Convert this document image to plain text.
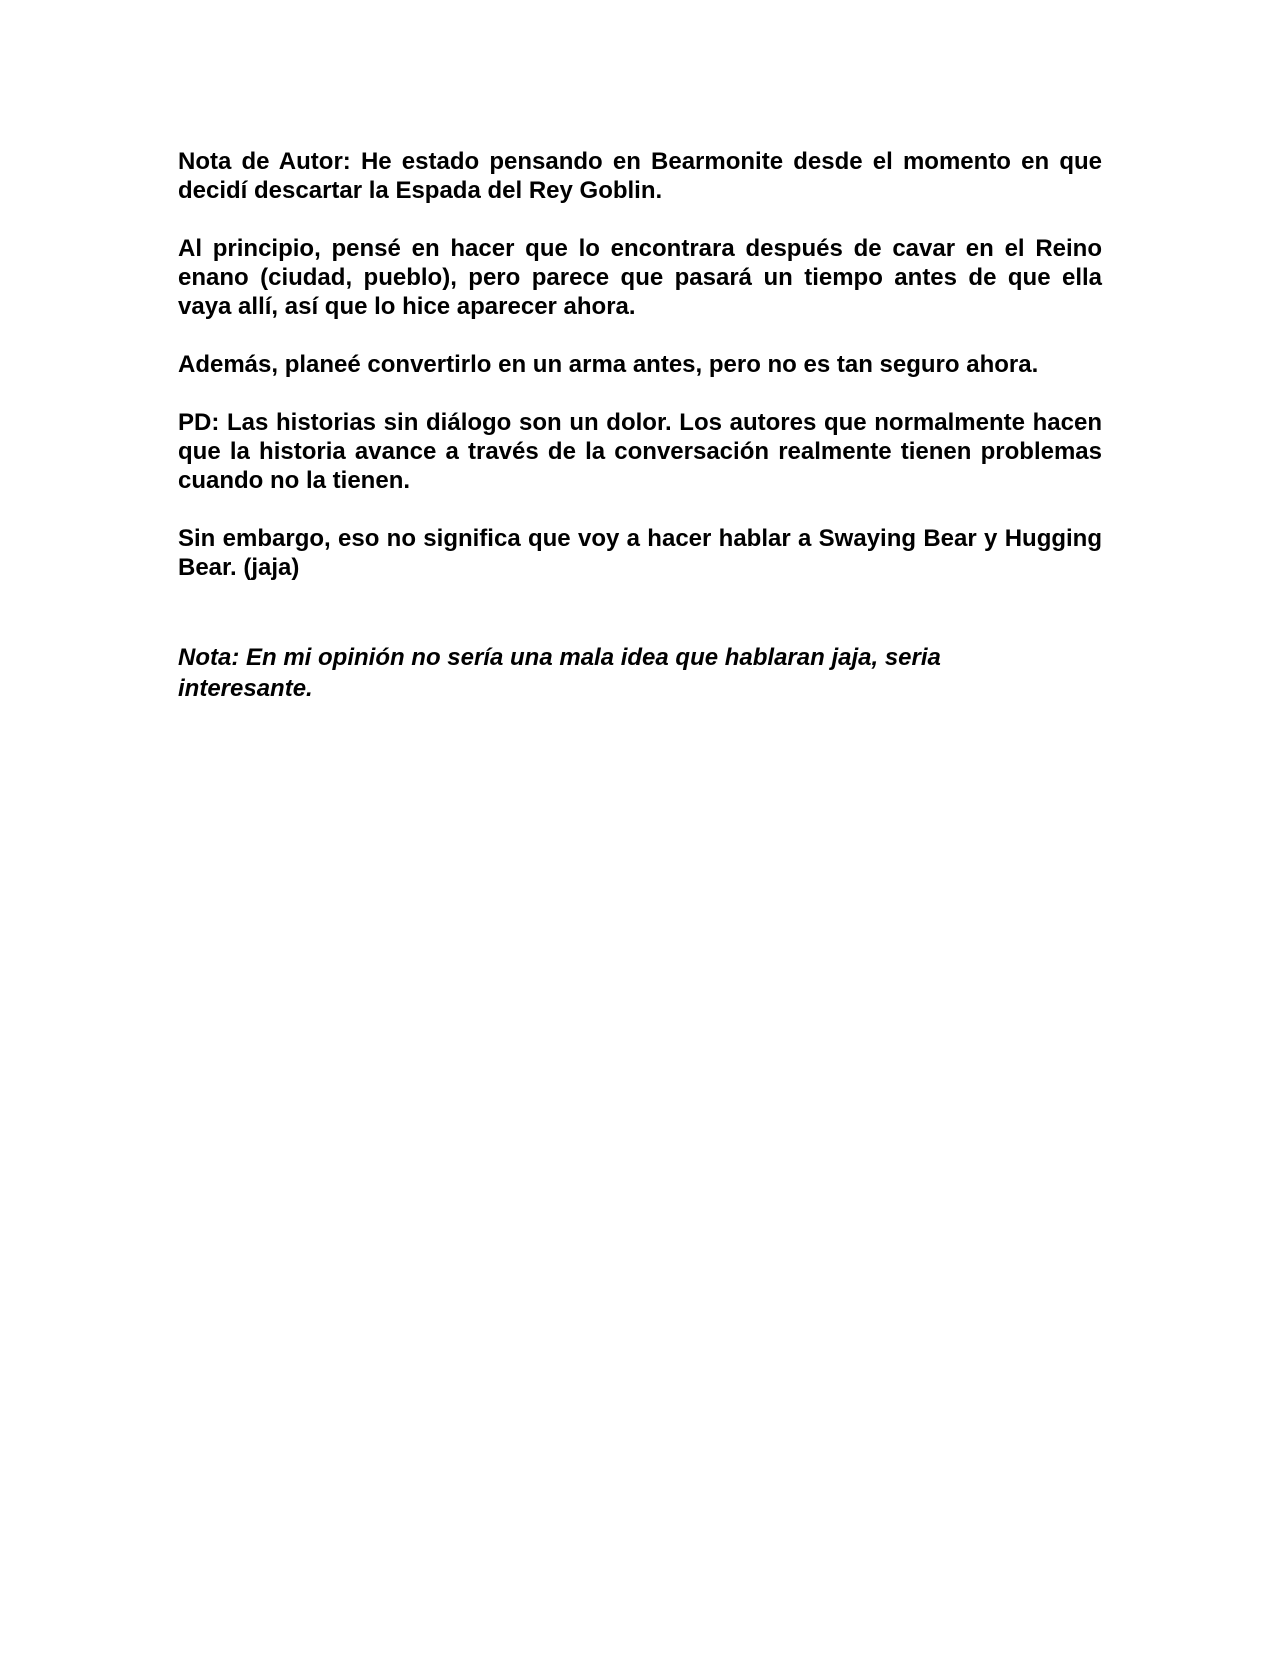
Nota de Autor: He estado pensando en Bearmonite desde el momento en que decidí descartar la Espada del Rey Goblin.

Al principio, pensé en hacer que lo encontrara después de cavar en el Reino enano (ciudad, pueblo), pero parece que pasará un tiempo antes de que ella vaya allí, así que lo hice aparecer ahora.

Además, planeé convertirlo en un arma antes, pero no es tan seguro ahora.

PD: Las historias sin diálogo son un dolor. Los autores que normalmente hacen que la historia avance a través de la conversación realmente tienen problemas cuando no la tienen.

Sin embargo, eso no significa que voy a hacer hablar a Swaying Bear y Hugging Bear. (jaja)

Nota: En mi opinión no sería una mala idea que hablaran jaja, seria interesante.
